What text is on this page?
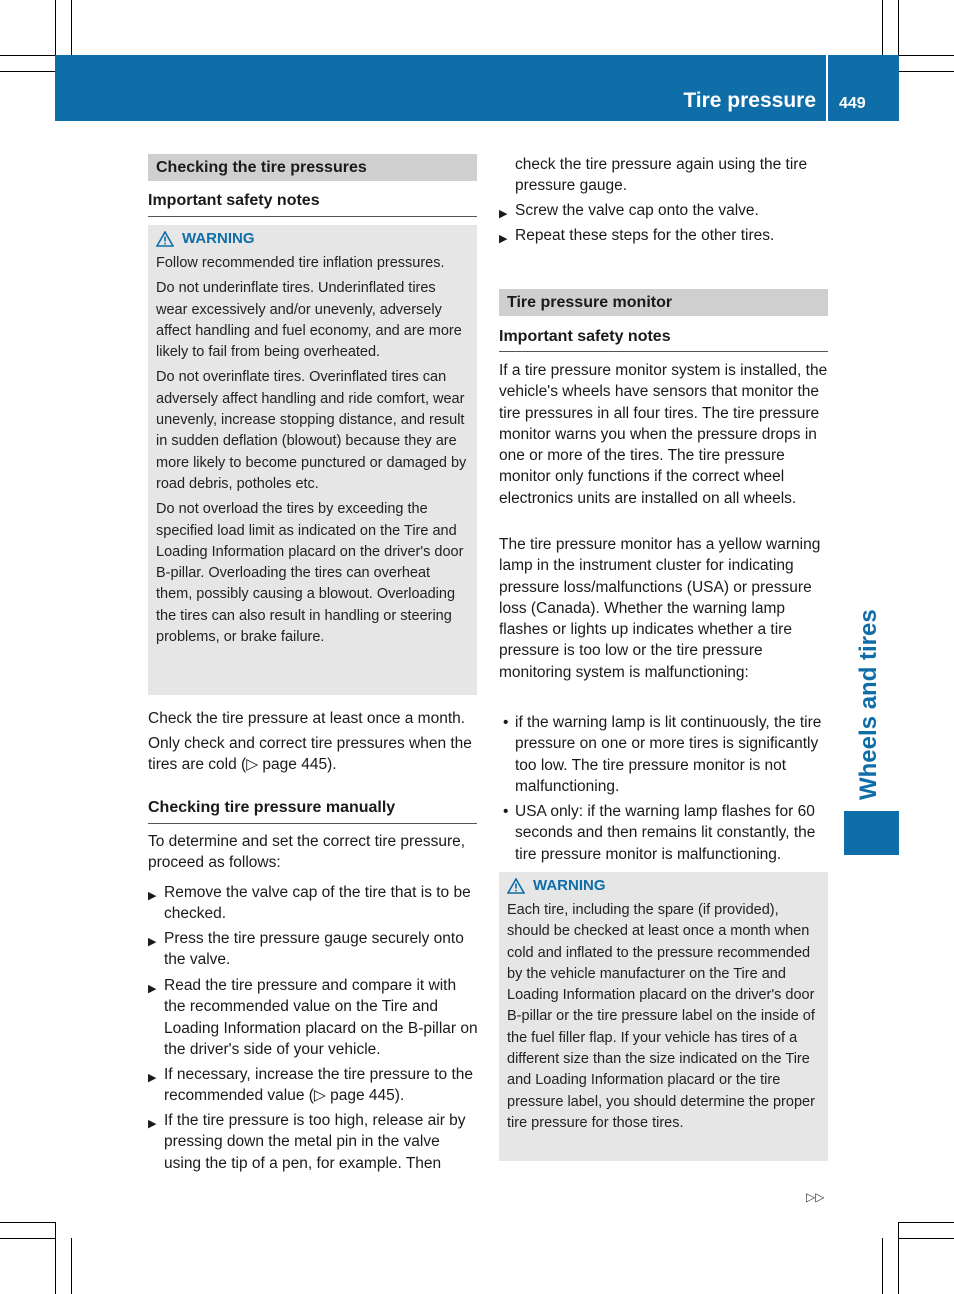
Tire pressure 449
Wheels and tires
Checking the tire pressures
Important safety notes
WARNING

Follow recommended tire inflation pressures.

Do not underinflate tires. Underinflated tires wear excessively and/or unevenly, adversely affect handling and fuel economy, and are more likely to fail from being overheated.

Do not overinflate tires. Overinflated tires can adversely affect handling and ride comfort, wear unevenly, increase stopping distance, and result in sudden deflation (blowout) because they are more likely to become punctured or damaged by road debris, potholes etc.

Do not overload the tires by exceeding the specified load limit as indicated on the Tire and Loading Information placard on the driver's door B-pillar. Overloading the tires can overheat them, possibly causing a blowout. Overloading the tires can also result in handling or steering problems, or brake failure.

Check the tire pressure at least once a month.
Only check and correct tire pressures when the tires are cold (▷ page 445).
Checking tire pressure manually
To determine and set the correct tire pressure, proceed as follows:
▶ Remove the valve cap of the tire that is to be checked.
▶ Press the tire pressure gauge securely onto the valve.
▶ Read the tire pressure and compare it with the recommended value on the Tire and Loading Information placard on the B-pillar on the driver's side of your vehicle.
▶ If necessary, increase the tire pressure to the recommended value (▷ page 445).
▶ If the tire pressure is too high, release air by pressing down the metal pin in the valve using the tip of a pen, for example. Then
check the tire pressure again using the tire pressure gauge.
▶ Screw the valve cap onto the valve.
▶ Repeat these steps for the other tires.
Tire pressure monitor
Important safety notes
If a tire pressure monitor system is installed, the vehicle's wheels have sensors that monitor the tire pressures in all four tires. The tire pressure monitor warns you when the pressure drops in one or more of the tires. The tire pressure monitor only functions if the correct wheel electronics units are installed on all wheels.
The tire pressure monitor has a yellow warning lamp in the instrument cluster for indicating pressure loss/malfunctions (USA) or pressure loss (Canada). Whether the warning lamp flashes or lights up indicates whether a tire pressure is too low or the tire pressure monitoring system is malfunctioning:
• if the warning lamp is lit continuously, the tire pressure on one or more tires is significantly too low. The tire pressure monitor is not malfunctioning.
• USA only: if the warning lamp flashes for 60 seconds and then remains lit constantly, the tire pressure monitor is malfunctioning.
WARNING

Each tire, including the spare (if provided), should be checked at least once a month when cold and inflated to the pressure recommended by the vehicle manufacturer on the Tire and Loading Information placard on the driver's door B-pillar or the tire pressure label on the inside of the fuel filler flap. If your vehicle has tires of a different size than the size indicated on the Tire and Loading Information placard or the tire pressure label, you should determine the proper tire pressure for those tires.

▷▷
